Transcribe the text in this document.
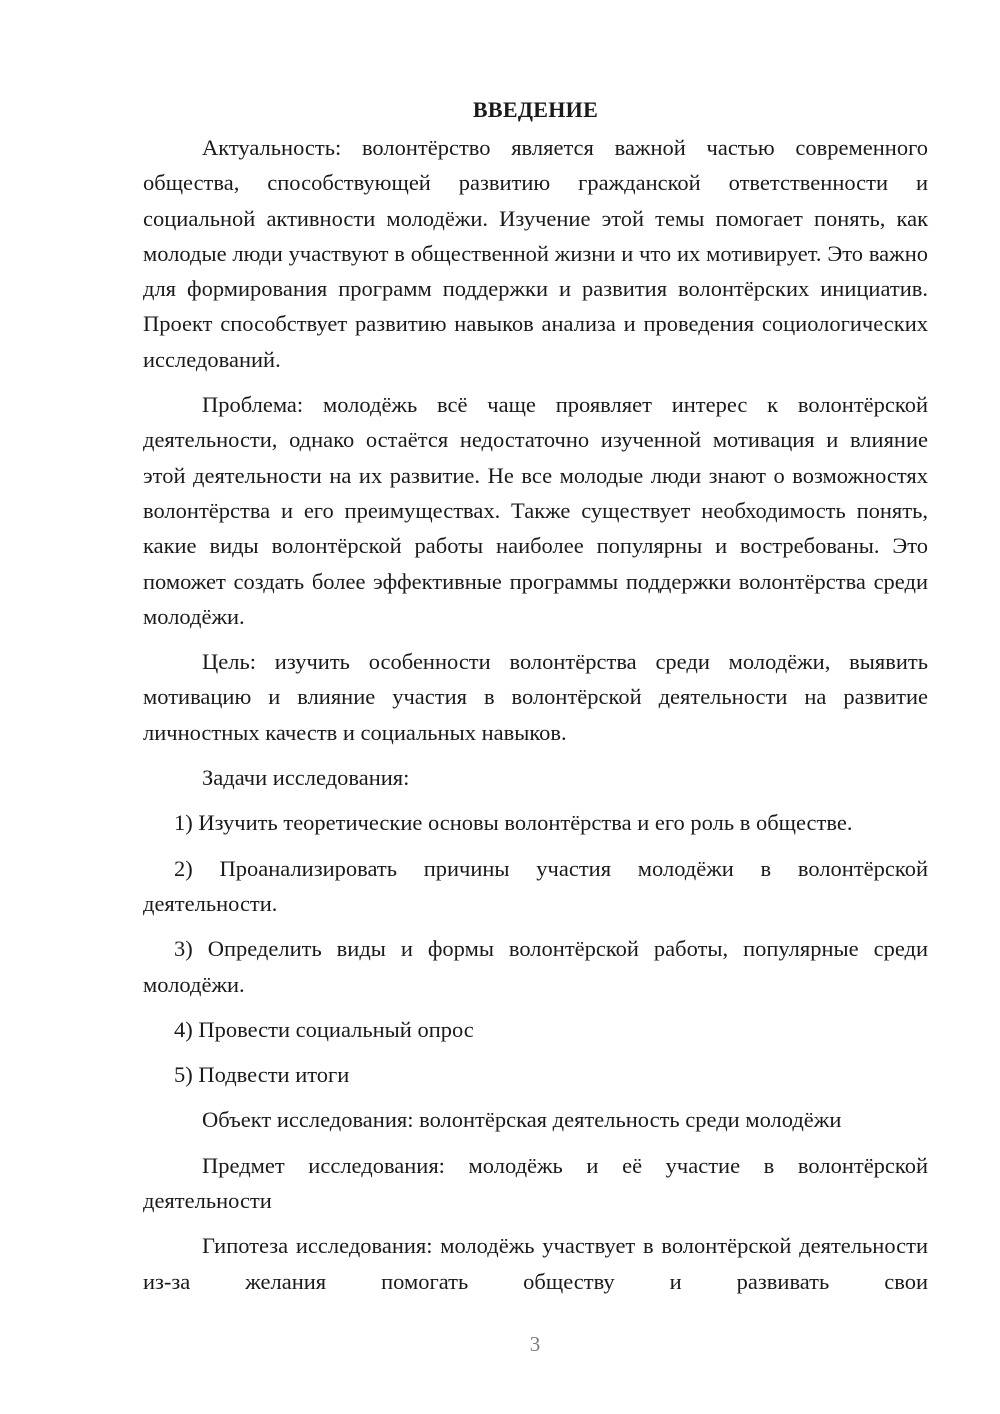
ВВЕДЕНИЕ

Актуальность: волонтёрство является важной частью современного общества, способствующей развитию гражданской ответственности и социальной активности молодёжи. Изучение этой темы помогает понять, как молодые люди участвуют в общественной жизни и что их мотивирует. Это важно для формирования программ поддержки и развития волонтёрских инициатив. Проект способствует развитию навыков анализа и проведения социологических исследований.

Проблема: молодёжь всё чаще проявляет интерес к волонтёрской деятельности, однако остаётся недостаточно изученной мотивация и влияние этой деятельности на их развитие. Не все молодые люди знают о возможностях волонтёрства и его преимуществах. Также существует необходимость понять, какие виды волонтёрской работы наиболее популярны и востребованы. Это поможет создать более эффективные программы поддержки волонтёрства среди молодёжи.

Цель: изучить особенности волонтёрства среди молодёжи, выявить мотивацию и влияние участия в волонтёрской деятельности на развитие личностных качеств и социальных навыков.

Задачи исследования:

1) Изучить теоретические основы волонтёрства и его роль в обществе.

2) Проанализировать причины участия молодёжи в волонтёрской деятельности.

3) Определить виды и формы волонтёрской работы, популярные среди молодёжи.

4) Провести социальный опрос

5) Подвести итоги

Объект исследования: волонтёрская деятельность среди молодёжи

Предмет исследования: молодёжь и её участие в волонтёрской деятельности

Гипотеза исследования: молодёжь участвует в волонтёрской деятельности из-за желания помогать обществу и развивать свои

3
